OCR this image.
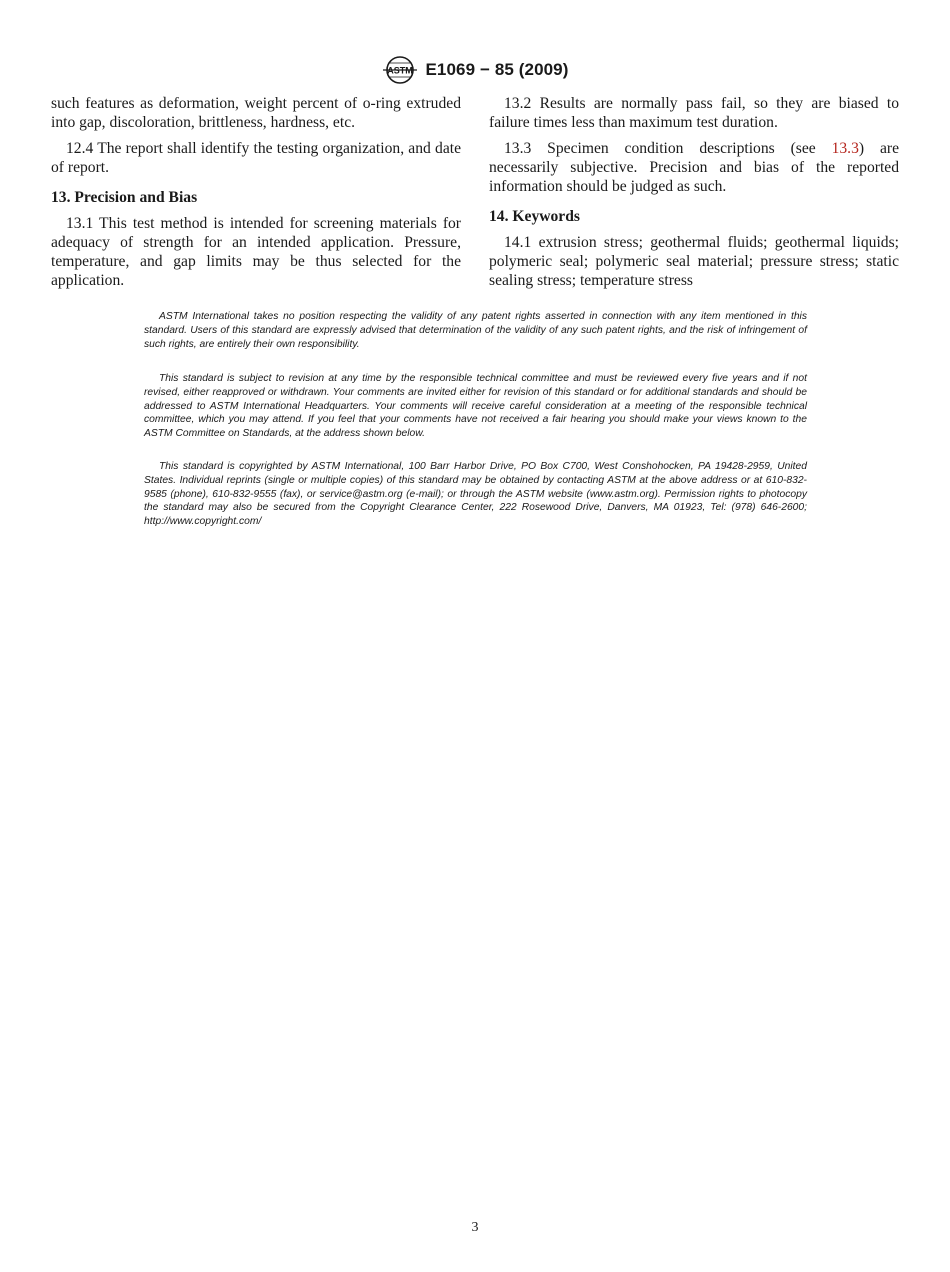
ASTM E1069 − 85 (2009)

such features as deformation, weight percent of o-ring extruded into gap, discoloration, brittleness, hardness, etc.

12.4 The report shall identify the testing organization, and date of report.

13. Precision and Bias

13.1 This test method is intended for screening materials for adequacy of strength for an intended application. Pressure, temperature, and gap limits may be thus selected for the application.

13.2 Results are normally pass fail, so they are biased to failure times less than maximum test duration.

13.3 Specimen condition descriptions (see 13.3) are necessarily subjective. Precision and bias of the reported information should be judged as such.

14. Keywords

14.1 extrusion stress; geothermal fluids; geothermal liquids; polymeric seal; polymeric seal material; pressure stress; static sealing stress; temperature stress

ASTM International takes no position respecting the validity of any patent rights asserted in connection with any item mentioned in this standard. Users of this standard are expressly advised that determination of the validity of any such patent rights, and the risk of infringement of such rights, are entirely their own responsibility.
This standard is subject to revision at any time by the responsible technical committee and must be reviewed every five years and if not revised, either reapproved or withdrawn. Your comments are invited either for revision of this standard or for additional standards and should be addressed to ASTM International Headquarters. Your comments will receive careful consideration at a meeting of the responsible technical committee, which you may attend. If you feel that your comments have not received a fair hearing you should make your views known to the ASTM Committee on Standards, at the address shown below.
This standard is copyrighted by ASTM International, 100 Barr Harbor Drive, PO Box C700, West Conshohocken, PA 19428-2959, United States. Individual reprints (single or multiple copies) of this standard may be obtained by contacting ASTM at the above address or at 610-832-9585 (phone), 610-832-9555 (fax), or service@astm.org (e-mail); or through the ASTM website (www.astm.org). Permission rights to photocopy the standard may also be secured from the Copyright Clearance Center, 222 Rosewood Drive, Danvers, MA 01923, Tel: (978) 646-2600; http://www.copyright.com/
3
